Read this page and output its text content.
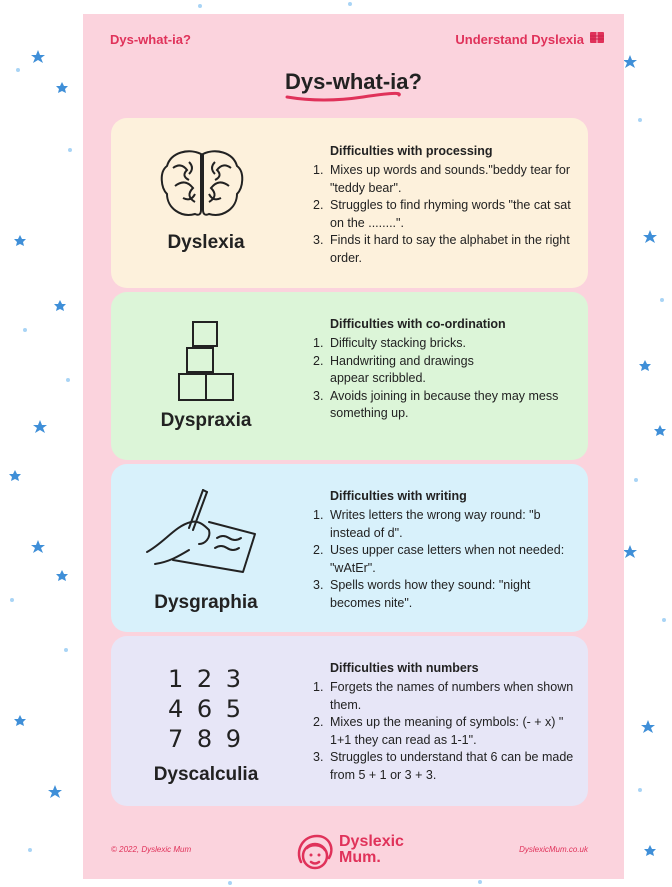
Dys-what-ia?	Understand Dyslexia
Dys-what-ia?
Dyslexia
Difficulties with processing
1. Mixes up words and sounds."beddy tear for "teddy bear".
2. Struggles to find rhyming words "the cat sat on the ........".
3. Finds it hard to say the alphabet in the right order.
Dyspraxia
Difficulties with co-ordination
1. Difficulty stacking bricks.
2. Handwriting and drawings appear scribbled.
3. Avoids joining in because they may mess something up.
Dysgraphia
Difficulties with writing
1. Writes letters the wrong way round: "b instead of d".
2. Uses upper case letters when not needed: "wAtEr".
3. Spells words how they sound: "night becomes nite".
1 2 3
4 6 5
7 8 9
Dyscalculia
Difficulties with numbers
1. Forgets the names of numbers when shown them.
2. Mixes up the meaning of symbols: (- + x) " 1+1 they can read as 1-1".
3. Struggles to understand that 6 can be made from 5 + 1 or 3 + 3.
© 2022, Dyslexic Mum	Dyslexic
Mum.	DyslexicMum.co.uk
